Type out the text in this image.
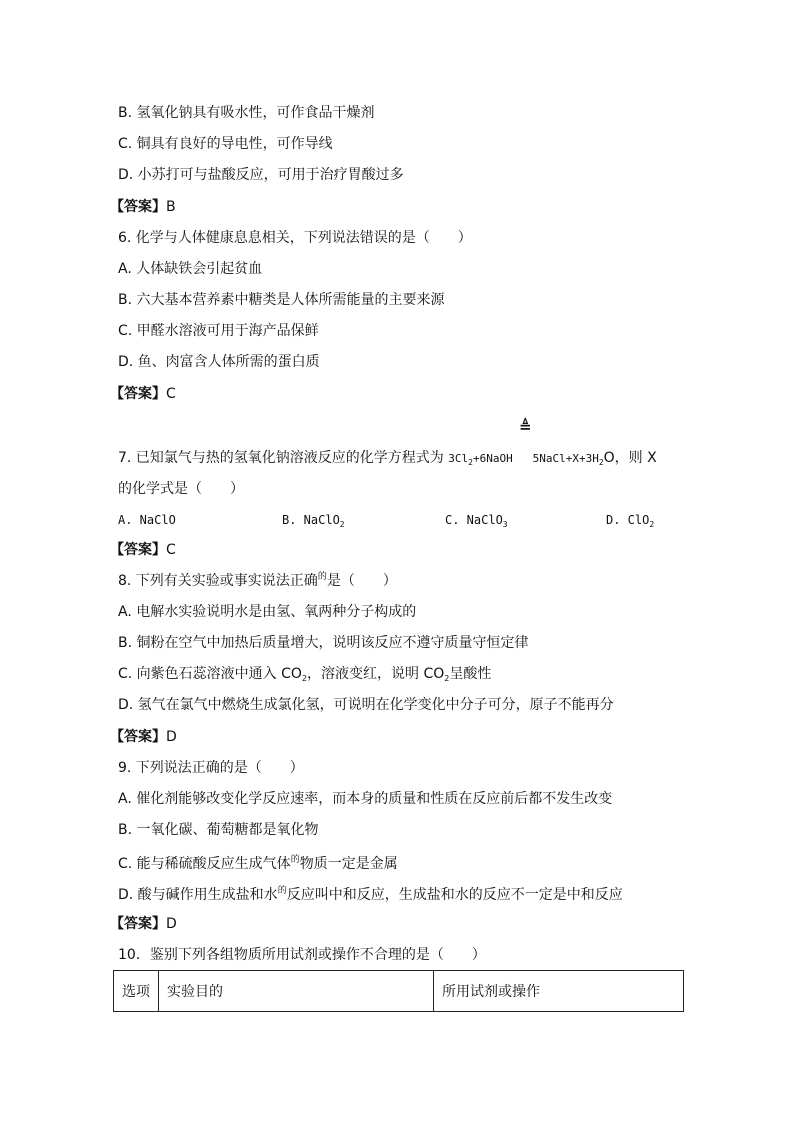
B. 氢氧化钠具有吸水性，可作食品干燥剂
C. 铜具有良好的导电性，可作导线
D. 小苏打可与盐酸反应，可用于治疗胃酸过多
【答案】B
6. 化学与人体健康息息相关，下列说法错误的是（　　）
A. 人体缺铁会引起贫血
B. 六大基本营养素中糖类是人体所需能量的主要来源
C. 甲醛水溶液可用于海产品保鲜
D. 鱼、肉富含人体所需的蛋白质
【答案】C
≜
7. 已知氯气与热的氢氧化钠溶液反应的化学方程式为 $3Cl_2+6NaOH$ $5NaCl+X+3H_2O$，则 X
的化学式是（　　）
A. NaClO	B. NaClO$_2$	C. NaClO$_3$	D. ClO$_2$
【答案】C
8. 下列有关实验或事实说法正确$^的$是（　　）
A. 电解水实验说明水是由氢、氧两种分子构成的
B. 铜粉在空气中加热后质量增大，说明该反应不遵守质量守恒定律
C. 向紫色石蕊溶液中通入 $CO_2$，溶液变红，说明 $CO_2$呈酸性
D. 氢气在氯气中燃烧生成氯化氢，可说明在化学变化中分子可分，原子不能再分
【答案】D
9. 下列说法正确的是（　　）
A. 催化剂能够改变化学反应速率，而本身的质量和性质在反应前后都不发生改变
B. 一氧化碳、葡萄糖都是氧化物
C. 能与稀硫酸反应生成气体$^的$物质一定是金属
D. 酸与碱作用生成盐和水$^的$反应叫中和反应，生成盐和水的反应不一定是中和反应
【答案】D
10．鉴别下列各组物质所用试剂或操作不合理的是（　　）
选项	实验目的	所用试剂或操作
